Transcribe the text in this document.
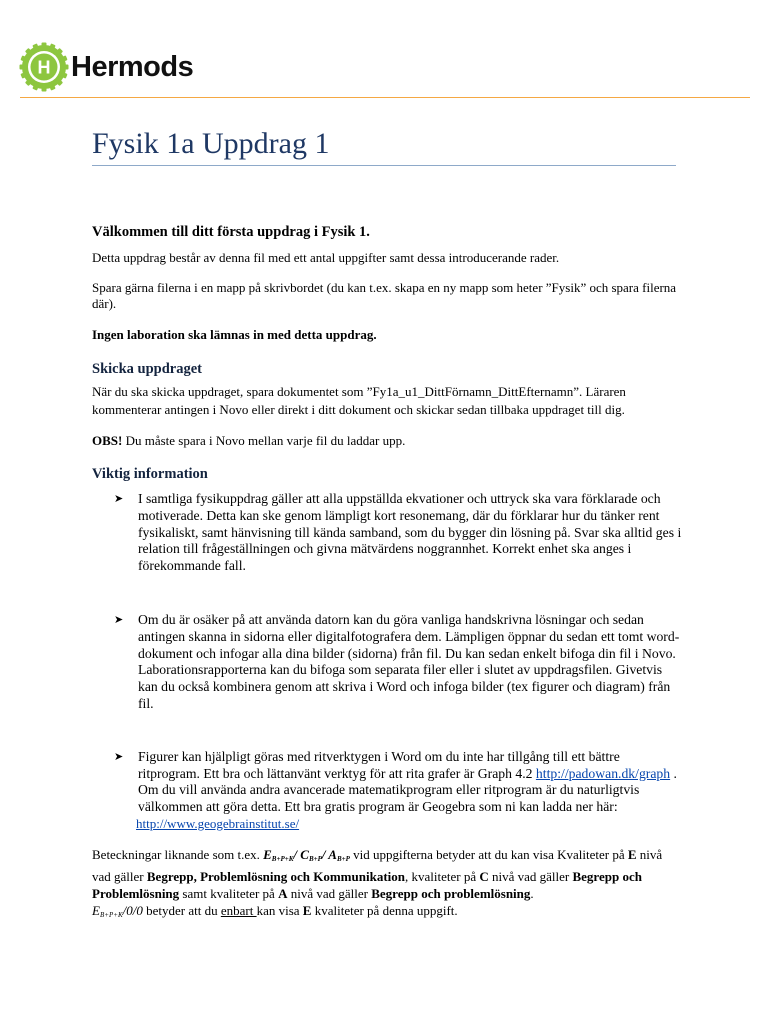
H Hermods
Fysik 1a Uppdrag 1

Välkommen till ditt första uppdrag i Fysik 1.

Detta uppdrag består av denna fil med ett antal uppgifter samt dessa introducerande rader.

Spara gärna filerna i en mapp på skrivbordet (du kan t.ex. skapa en ny mapp som heter ”Fysik” och spara filerna där).

Ingen laboration ska lämnas in med detta uppdrag.

Skicka uppdraget

När du ska skicka uppdraget, spara dokumentet som ”Fy1a_u1_DittFörnamn_DittEfternamn”. Läraren kommenterar antingen i Novo eller direkt i ditt dokument och skickar sedan tillbaka uppdraget till dig.

OBS! Du måste spara i Novo mellan varje fil du laddar upp.

Viktig information

➤ I samtliga fysikuppdrag gäller att alla uppställda ekvationer och uttryck ska vara förklarade och motiverade. Detta kan ske genom lämpligt kort resonemang, där du förklarar hur du tänker rent fysikaliskt, samt hänvisning till kända samband, som du bygger din lösning på. Svar ska alltid ges i relation till frågeställningen och givna mätvärdens noggrannhet. Korrekt enhet ska anges i förekommande fall.
➤ Om du är osäker på att använda datorn kan du göra vanliga handskrivna lösningar och sedan antingen skanna in sidorna eller digitalfotografera dem. Lämpligen öppnar du sedan ett tomt word-dokument och infogar alla dina bilder (sidorna) från fil. Du kan sedan enkelt bifoga din fil i Novo. Laborationsrapporterna kan du bifoga som separata filer eller i slutet av uppdragsfilen. Givetvis kan du också kombinera genom att skriva i Word och infoga bilder (tex figurer och diagram) från fil.
➤ Figurer kan hjälpligt göras med ritverktygen i Word om du inte har tillgång till ett bättre ritprogram. Ett bra och lättanvänt verktyg för att rita grafer är Graph 4.2 http://padowan.dk/graph . Om du vill använda andra avancerade matematikprogram eller ritprogram är du naturligtvis välkommen att göra detta. Ett bra gratis program är Geogebra som ni kan ladda ner här:

http://www.geogebrainstitut.se/

Beteckningar liknande som t.ex. $E_{B+P+K}/$ $C_{B+P}/$ $A_{B+P}$ vid uppgifterna betyder att du kan visa Kvaliteter på E nivå vad gäller Begrepp, Problemlösning och Kommunikation, kvaliteter på C nivå vad gäller Begrepp och Problemlösning samt kvaliteter på A nivå vad gäller Begrepp och problemlösning.
$E_{B+P+K}/0/0$ betyder att du enbart kan visa E kvaliteter på denna uppgift.
